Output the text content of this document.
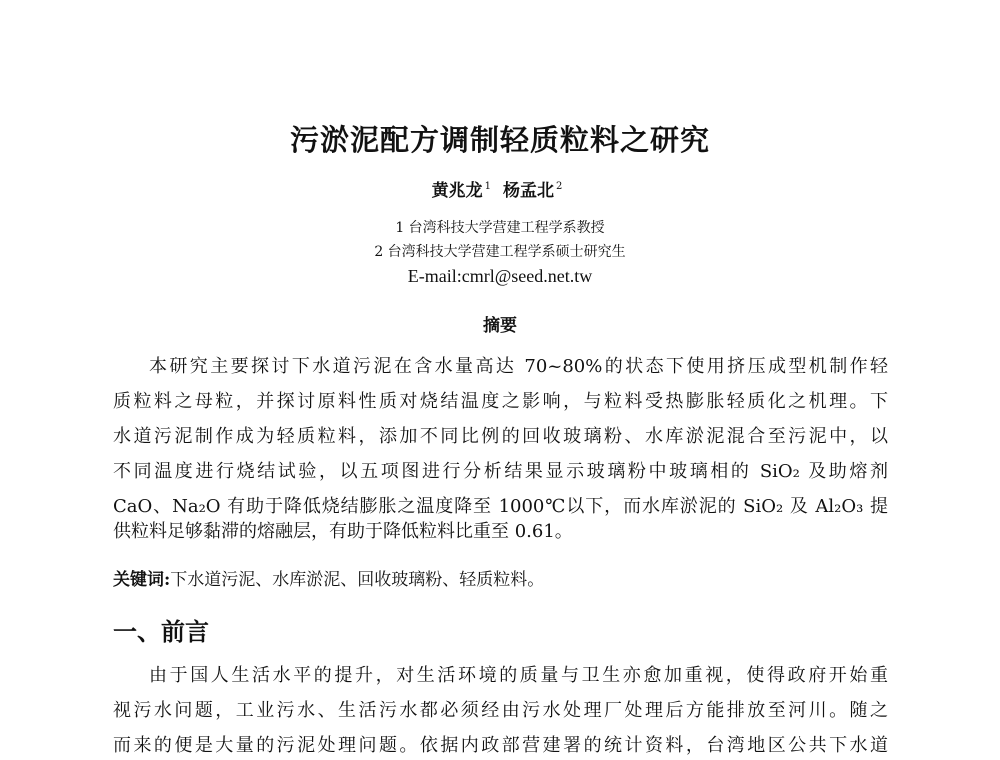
污淤泥配方调制轻质粒料之研究
黄兆龙 $^1$ 杨孟北 $^2$
1 台湾科技大学营建工程学系教授
2 台湾科技大学营建工程学系硕士研究生
E-mail:cmrl@seed.net.tw
摘要
本研究主要探讨下水道污泥在含水量高达 70~80%的状态下使用挤压成型机制作轻
质粒料之母粒，并探讨原料性质对烧结温度之影响，与粒料受热膨胀轻质化之机理。下
水道污泥制作成为轻质粒料，添加不同比例的回收玻璃粉、水库淤泥混合至污泥中，以
不同温度进行烧结试验，以五项图进行分析结果显示玻璃粉中玻璃相的 SiO₂ 及助熔剂
CaO、Na₂O 有助于降低烧结膨胀之温度降至 1000℃以下，而水库淤泥的 SiO₂ 及 Al₂O₃ 提
供粒料足够黏滞的熔融层，有助于降低粒料比重至 0.61。
关键词:下水道污泥、水库淤泥、回收玻璃粉、轻质粒料。
一、前言
由于国人生活水平的提升，对生活环境的质量与卫生亦愈加重视，使得政府开始重
视污水问题，工业污水、生活污水都必须经由污水处理厂处理后方能排放至河川。随之
而来的便是大量的污泥处理问题。依据内政部营建署的统计资料，台湾地区公共下水道
